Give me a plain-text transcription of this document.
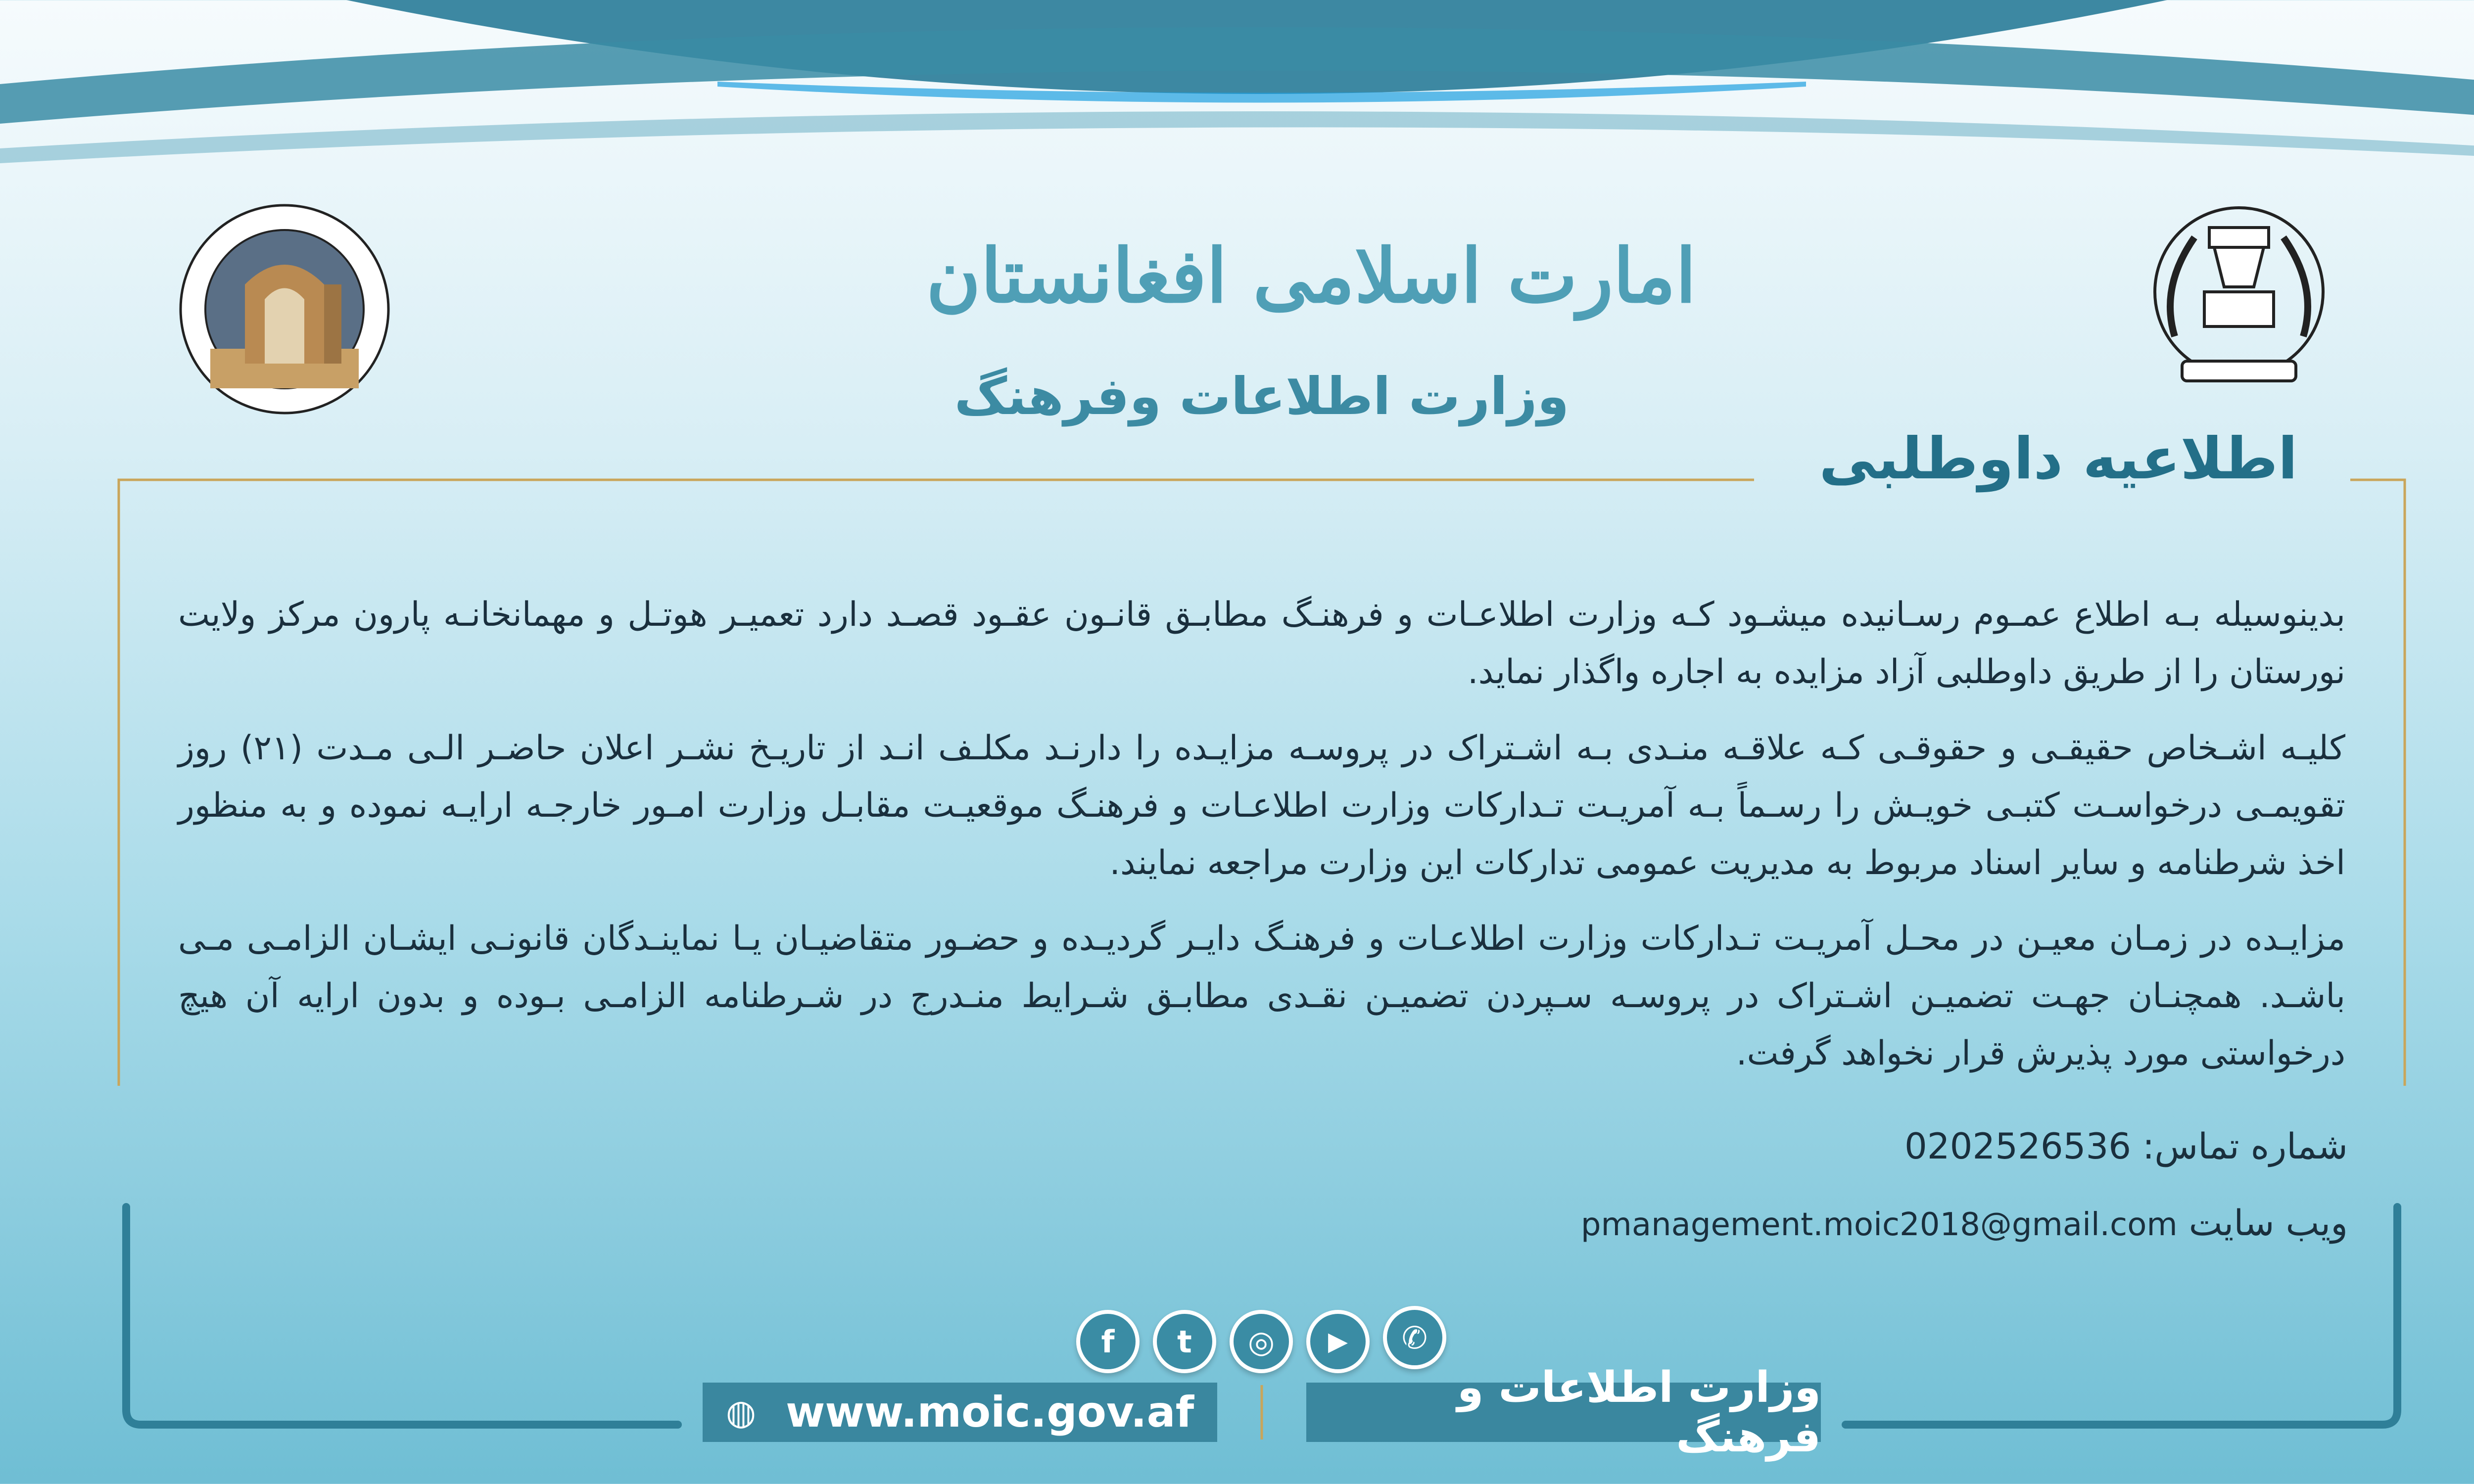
امارت اسلامی افغانستان
وزارت اطلاعات وفرهنگ
اطلاعیه داوطلبی
بدینوسیله بـه اطلاع عمـوم رسـانیده میشـود کـه وزارت اطلاعـات و فرهنـگ مطابـق قانـون عقـود قصـد دارد تعمیـر هوتـل و مهمانخانـه پارون مرکز ولایت نورستان را از طریق داوطلبی آزاد مزایده به اجاره واگذار نماید.
کلیـه اشـخاص حقیقـی و حقوقـی کـه علاقـه منـدی بـه اشـتراک در پروسـه مزایـده را دارنـد مکلـف انـد از تاریـخ نشـر اعلان حاضـر الـی مـدت (۲۱) روز تقویمـی درخواسـت کتبـی خویـش را رسـماً بـه آمریـت تـدارکات وزارت اطلاعـات و فرهنـگ موقعیـت مقابـل وزارت امـور خارجـه ارایـه نموده و به منظور اخذ شرطنامه و سایر اسناد مربوط به مدیریت عمومی تدارکات این وزارت مراجعه نمایند.
مزایـده در زمـان معیـن در محـل آمریـت تـدارکات وزارت اطلاعـات و فرهنـگ دایـر گردیـده و حضـور متقاضیـان یـا نماینـدگان قانونـی ایشـان الزامـی مـی باشـد. همچنـان جهـت تضمیـن اشـتراک در پروسـه سـپردن تضمیـن نقـدی مطابـق شـرایط منـدرج در شـرطنامه الزامـی بـوده و بدون ارایه آن هیچ درخواستی مورد پذیرش قرار نخواهد گرفت.
شماره تماس: 0202526536
ویب سایت pmanagement.moic2018@gmail.com
f	t	◎	▶	✆
◍ www.moic.gov.af	وزارت اطلاعات و فرهنگ
